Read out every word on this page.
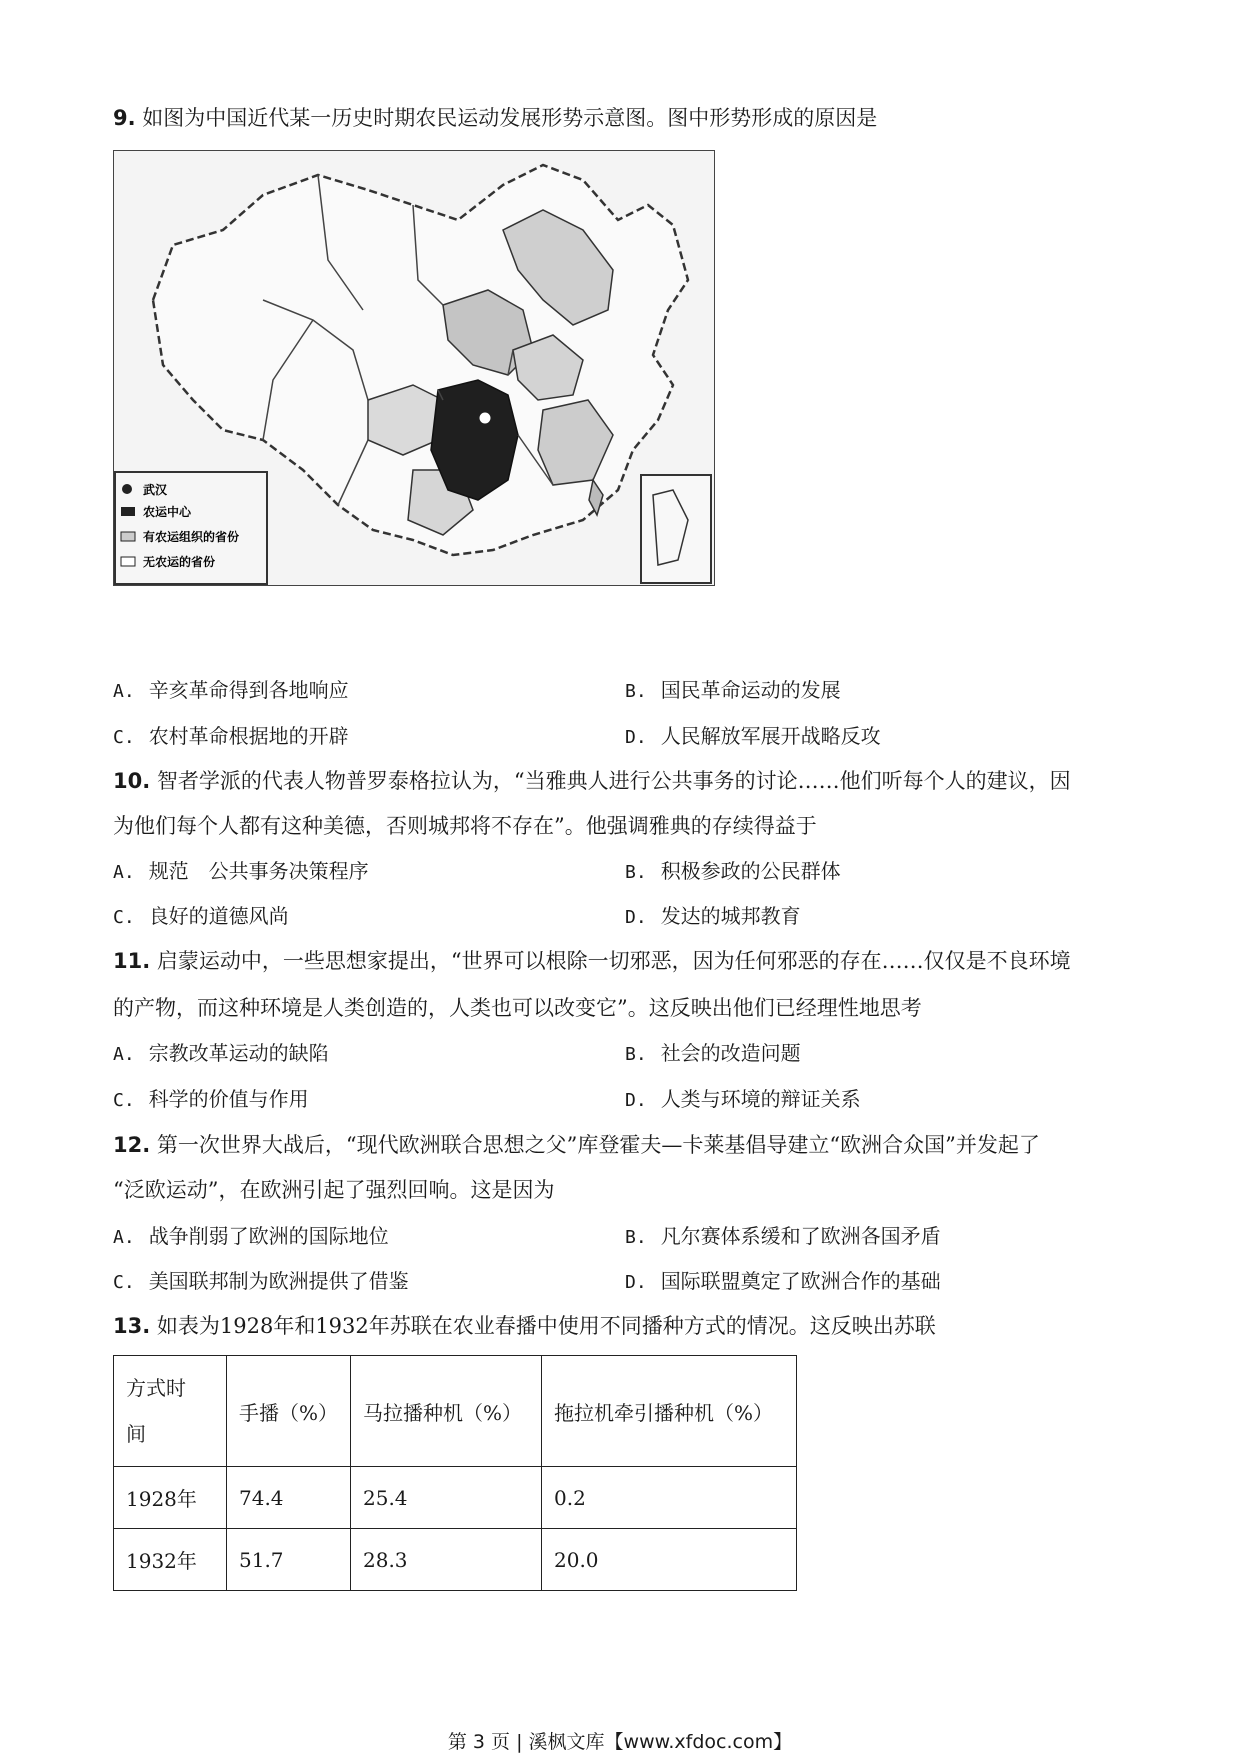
9. 如图为中国近代某一历史时期农民运动发展形势示意图。图中形势形成的原因是
武汉
农运中心
有农运组织的省份
无农运的省份
A. 辛亥革命得到各地响应	B. 国民革命运动的发展
C. 农村革命根据地的开辟	D. 人民解放军展开战略反攻
10. 智者学派的代表人物普罗泰格拉认为，“当雅典人进行公共事务的讨论……他们听每个人的建议，因
为他们每个人都有这种美德，否则城邦将不存在”。他强调雅典的存续得益于
A. 规范　公共事务决策程序	B. 积极参政的公民群体
C. 良好的道德风尚	D. 发达的城邦教育
11. 启蒙运动中，一些思想家提出，“世界可以根除一切邪恶，因为任何邪恶的存在……仅仅是不良环境
的产物，而这种环境是人类创造的，人类也可以改变它”。这反映出他们已经理性地思考
A. 宗教改革运动的缺陷	B. 社会的改造问题
C. 科学的价值与作用	D. 人类与环境的辩证关系
12. 第一次世界大战后，“现代欧洲联合思想之父”库登霍夫—卡莱基倡导建立“欧洲合众国”并发起了
“泛欧运动”，在欧洲引起了强烈回响。这是因为
A. 战争削弱了欧洲的国际地位	B. 凡尔赛体系缓和了欧洲各国矛盾
C. 美国联邦制为欧洲提供了借鉴	D. 国际联盟奠定了欧洲合作的基础
13. 如表为1928年和1932年苏联在农业春播中使用不同播种方式的情况。这反映出苏联
方式时
间	手播（%）	马拉播种机（%）	拖拉机牵引播种机（%）
1928年	74.4	25.4	0.2
1932年	51.7	28.3	20.0
第 3 页 | 溪枫文库【www.xfdoc.com】
